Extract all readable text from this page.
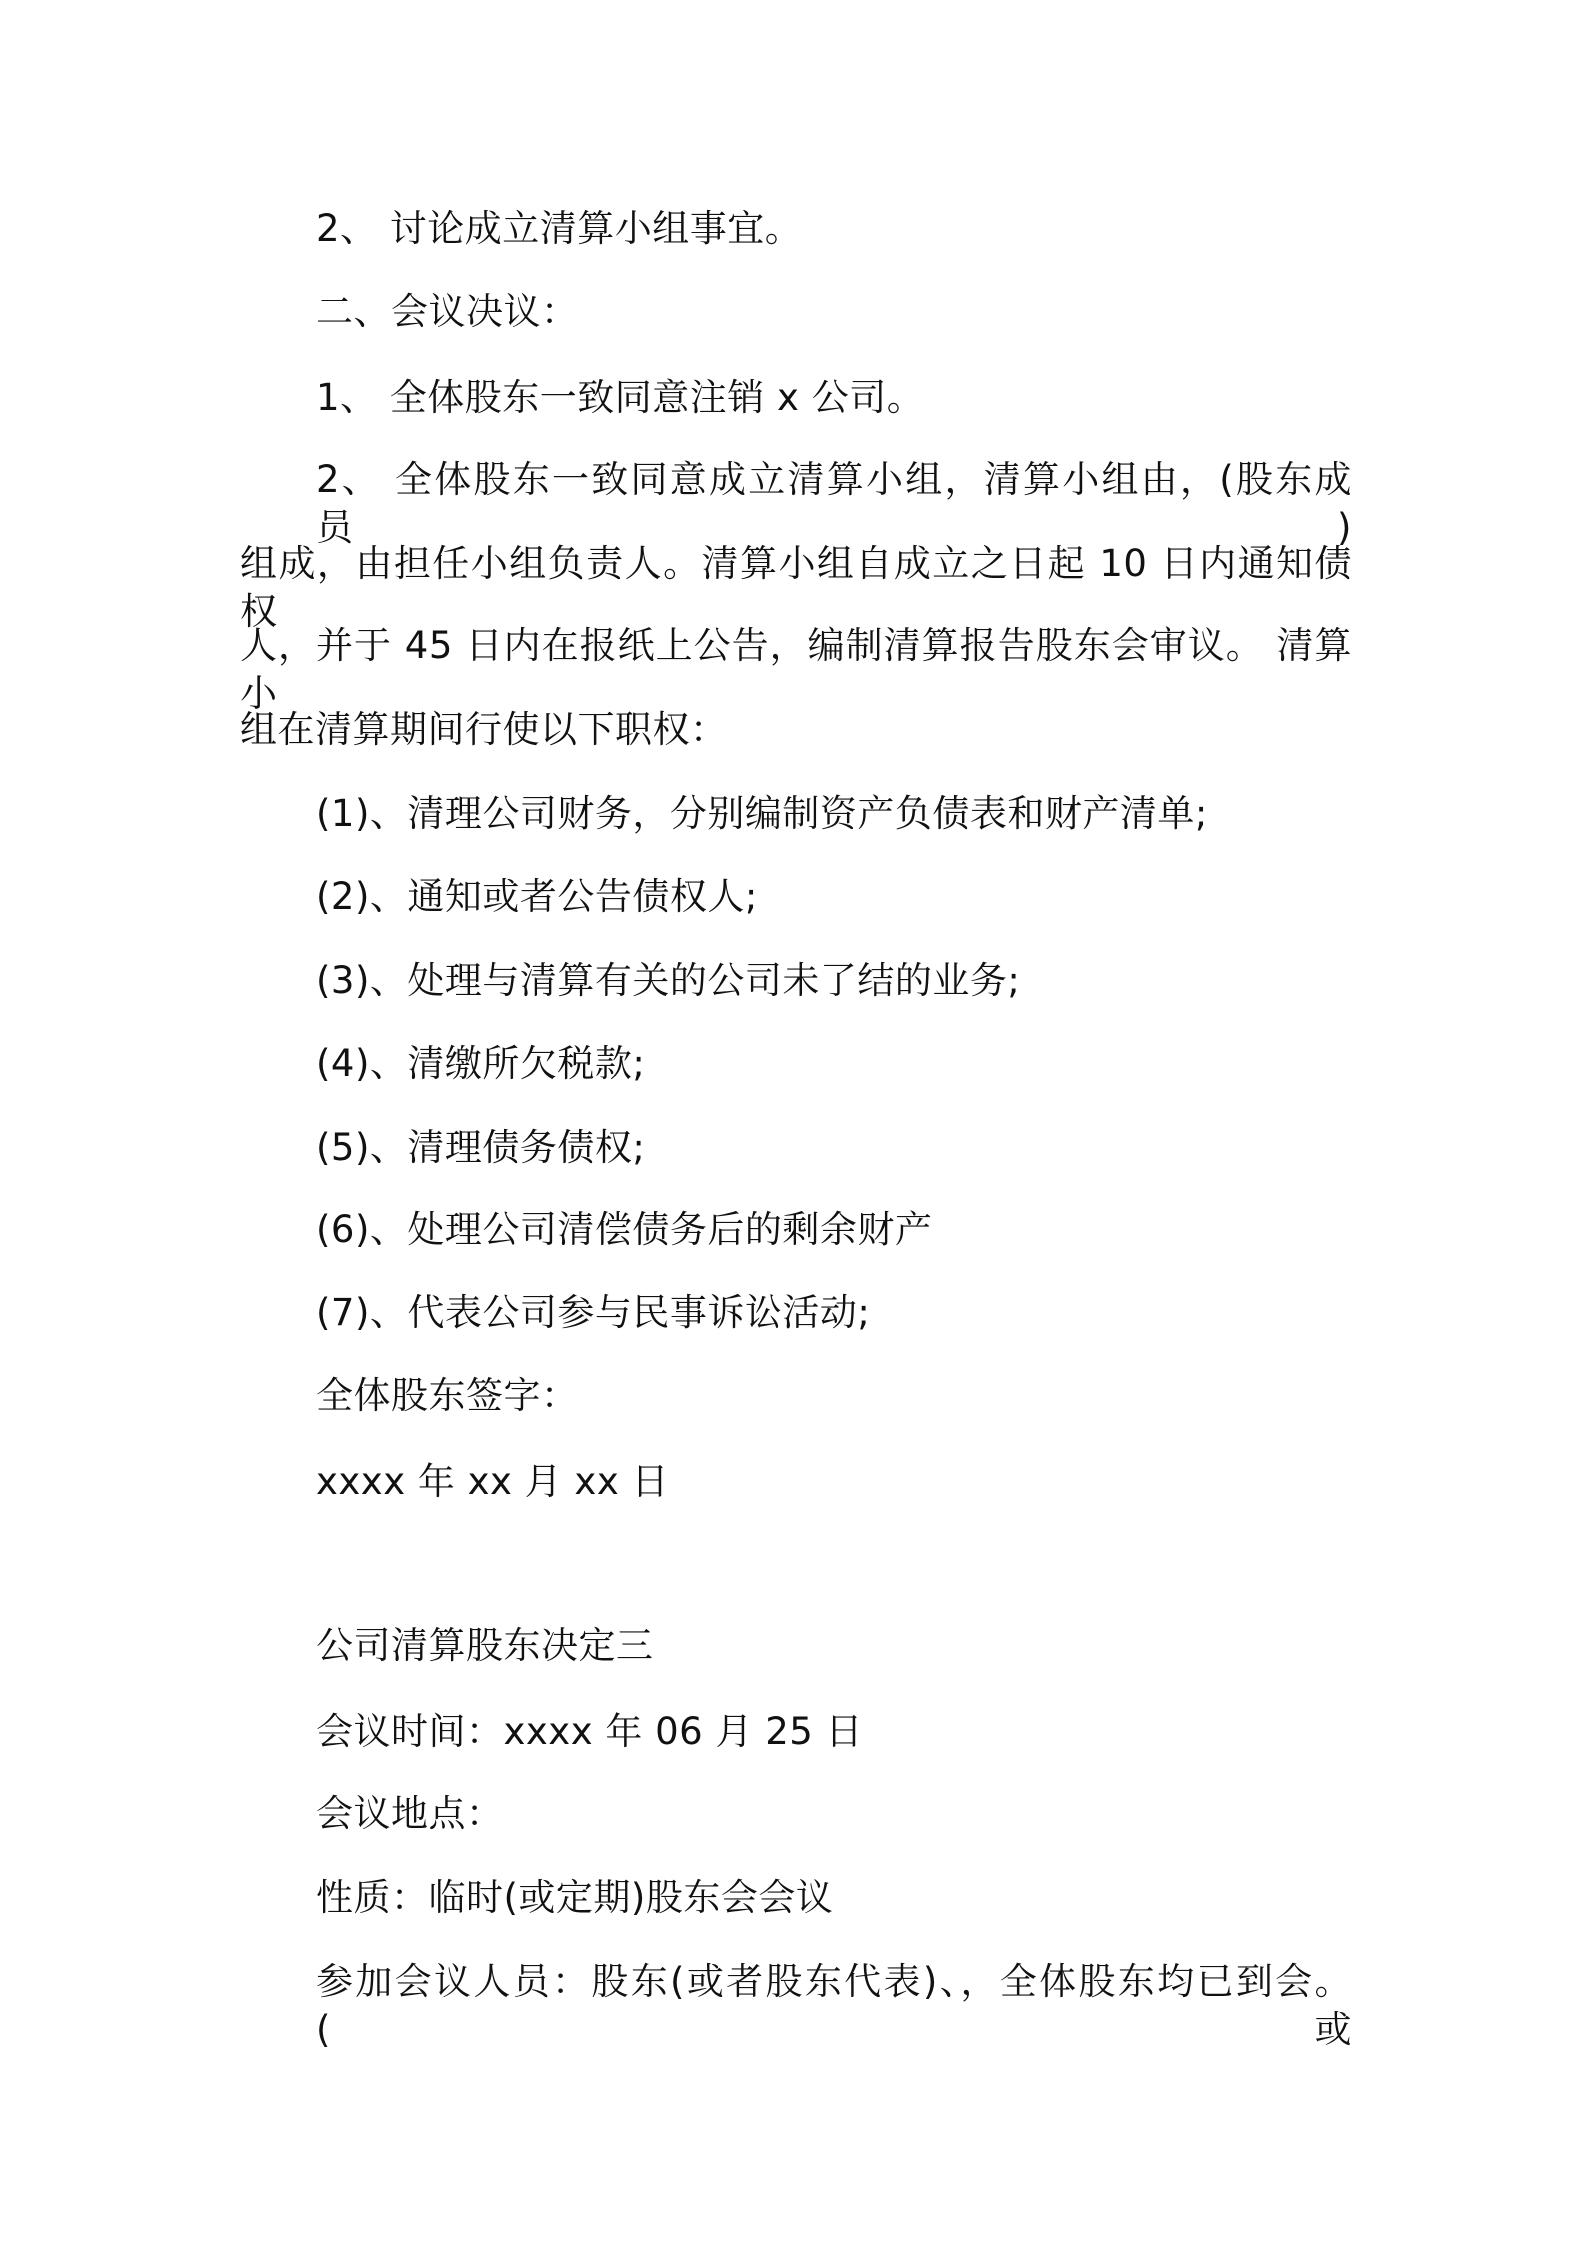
2、 讨论成立清算小组事宜。
二、会议决议：
1、 全体股东一致同意注销 x 公司。
2、 全体股东一致同意成立清算小组，清算小组由，(股东成员)
组成，由担任小组负责人。清算小组自成立之日起 10 日内通知债权
人，并于 45 日内在报纸上公告，编制清算报告股东会审议。 清算小
组在清算期间行使以下职权：
(1)、清理公司财务，分别编制资产负债表和财产清单;
(2)、通知或者公告债权人;
(3)、处理与清算有关的公司未了结的业务;
(4)、清缴所欠税款;
(5)、清理债务债权;
(6)、处理公司清偿债务后的剩余财产
(7)、代表公司参与民事诉讼活动;
全体股东签字：
xxxx 年 xx 月 xx 日
公司清算股东决定三
会议时间：xxxx 年 06 月 25 日
会议地点：
性质：临时(或定期)股东会会议
参加会议人员：股东(或者股东代表)、，全体股东均已到会。(或
